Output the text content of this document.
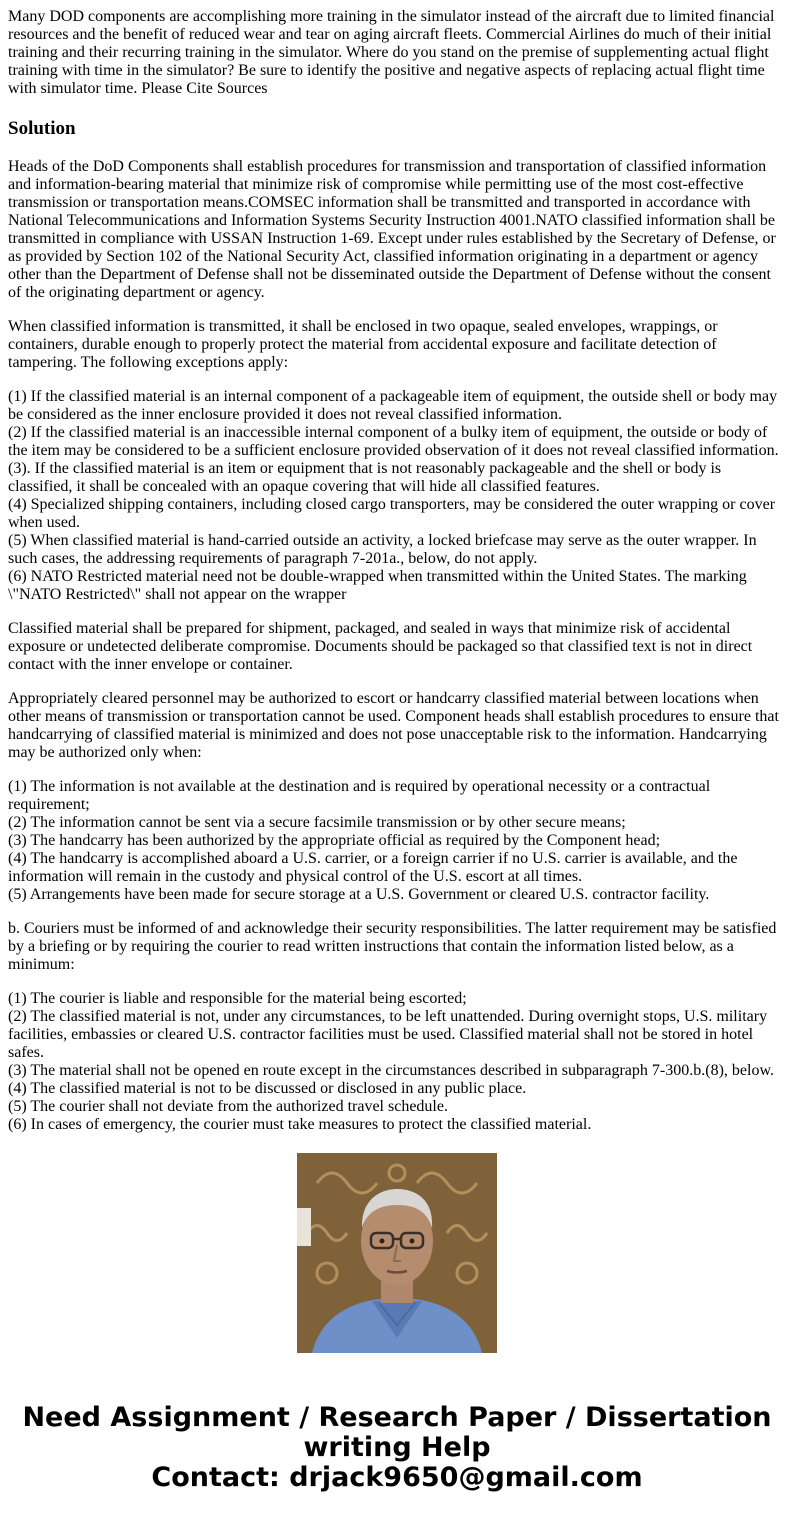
Many DOD components are accomplishing more training in the simulator instead of the aircraft due to limited financial resources and the benefit of reduced wear and tear on aging aircraft fleets. Commercial Airlines do much of their initial training and their recurring training in the simulator. Where do you stand on the premise of supplementing actual flight training with time in the simulator? Be sure to identify the positive and negative aspects of replacing actual flight time with simulator time. Please Cite Sources

Solution

Heads of the DoD Components shall establish procedures for transmission and transportation of classified information and information-bearing material that minimize risk of compromise while permitting use of the most cost-effective transmission or transportation means.COMSEC information shall be transmitted and transported in accordance with National Telecommunications and Information Systems Security Instruction 4001.NATO classified information shall be transmitted in compliance with USSAN Instruction 1-69. Except under rules established by the Secretary of Defense, or as provided by Section 102 of the National Security Act, classified information originating in a department or agency other than the Department of Defense shall not be disseminated outside the Department of Defense without the consent of the originating department or agency.

When classified information is transmitted, it shall be enclosed in two opaque, sealed envelopes, wrappings, or containers, durable enough to properly protect the material from accidental exposure and facilitate detection of tampering. The following exceptions apply:

(1) If the classified material is an internal component of a packageable item of equipment, the outside shell or body may be considered as the inner enclosure provided it does not reveal classified information.
(2) If the classified material is an inaccessible internal component of a bulky item of equipment, the outside or body of the item may be considered to be a sufficient enclosure provided observation of it does not reveal classified information.
(3). If the classified material is an item or equipment that is not reasonably packageable and the shell or body is classified, it shall be concealed with an opaque covering that will hide all classified features.
(4) Specialized shipping containers, including closed cargo transporters, may be considered the outer wrapping or cover when used.
(5) When classified material is hand-carried outside an activity, a locked briefcase may serve as the outer wrapper. In such cases, the addressing requirements of paragraph 7-201a., below, do not apply.
(6) NATO Restricted material need not be double-wrapped when transmitted within the United States. The marking \"NATO Restricted\" shall not appear on the wrapper

Classified material shall be prepared for shipment, packaged, and sealed in ways that minimize risk of accidental exposure or undetected deliberate compromise. Documents should be packaged so that classified text is not in direct contact with the inner envelope or container.

Appropriately cleared personnel may be authorized to escort or handcarry classified material between locations when other means of transmission or transportation cannot be used. Component heads shall establish procedures to ensure that handcarrying of classified material is minimized and does not pose unacceptable risk to the information. Handcarrying may be authorized only when:

(1) The information is not available at the destination and is required by operational necessity or a contractual requirement;
(2) The information cannot be sent via a secure facsimile transmission or by other secure means;
(3) The handcarry has been authorized by the appropriate official as required by the Component head;
(4) The handcarry is accomplished aboard a U.S. carrier, or a foreign carrier if no U.S. carrier is available, and the information will remain in the custody and physical control of the U.S. escort at all times.
(5) Arrangements have been made for secure storage at a U.S. Government or cleared U.S. contractor facility.

b. Couriers must be informed of and acknowledge their security responsibilities. The latter requirement may be satisfied by a briefing or by requiring the courier to read written instructions that contain the information listed below, as a minimum:

(1) The courier is liable and responsible for the material being escorted;
(2) The classified material is not, under any circumstances, to be left unattended. During overnight stops, U.S. military facilities, embassies or cleared U.S. contractor facilities must be used. Classified material shall not be stored in hotel safes.
(3) The material shall not be opened en route except in the circumstances described in subparagraph 7-300.b.(8), below.
(4) The classified material is not to be discussed or disclosed in any public place.
(5) The courier shall not deviate from the authorized travel schedule.
(6) In cases of emergency, the courier must take measures to protect the classified material.

Need Assignment / Research Paper / Dissertation
writing Help
Contact: drjack9650@gmail.com
